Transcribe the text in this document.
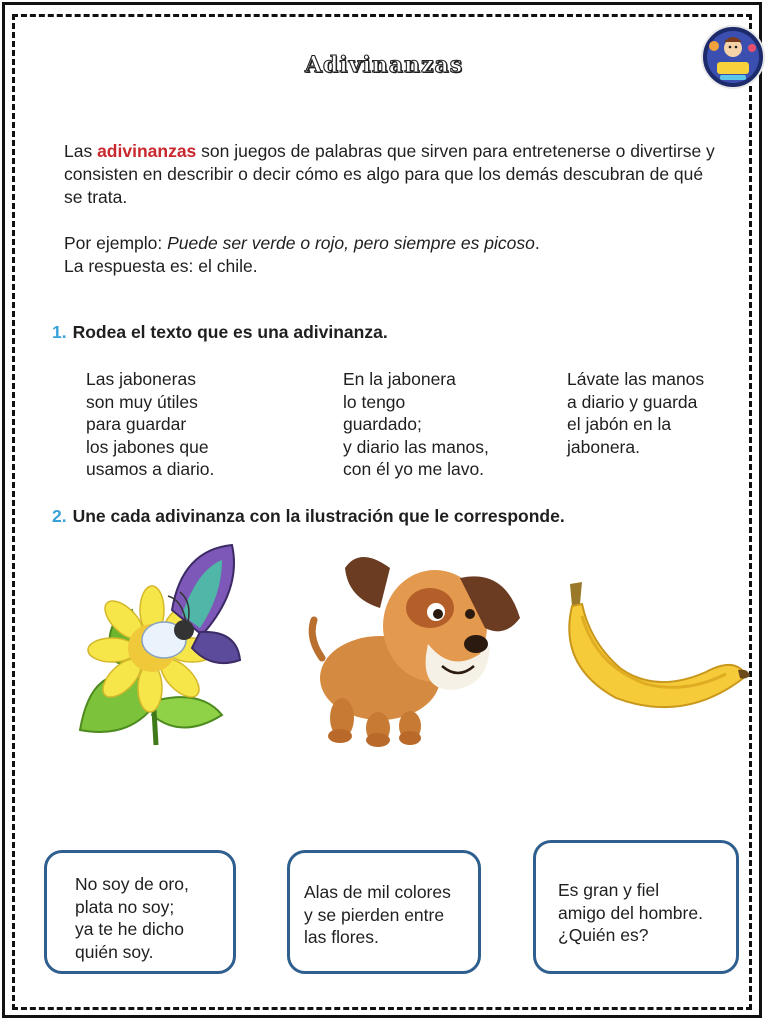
Adivinanzas
Las adivinanzas son juegos de palabras que sirven para entretenerse o divertirse y consisten en describir o decir cómo es algo para que los demás descubran de qué se trata.
Por ejemplo: Puede ser verde o rojo, pero siempre es picoso.
La respuesta es: el chile.
1. Rodea el texto que es una adivinanza.
Las jaboneras
son muy útiles
para guardar
los jabones que
usamos a diario.
En la jabonera
lo tengo
guardado;
y diario las manos,
con él yo me lavo.
Lávate las manos
a diario y guarda
el jabón en la
jabonera.
2. Une cada adivinanza con la ilustración que le corresponde.
No soy de oro,
plata no soy;
ya te he dicho
quién soy.
Alas de mil colores
y se pierden entre
las flores.
Es gran y fiel
amigo del hombre.
¿Quién es?
